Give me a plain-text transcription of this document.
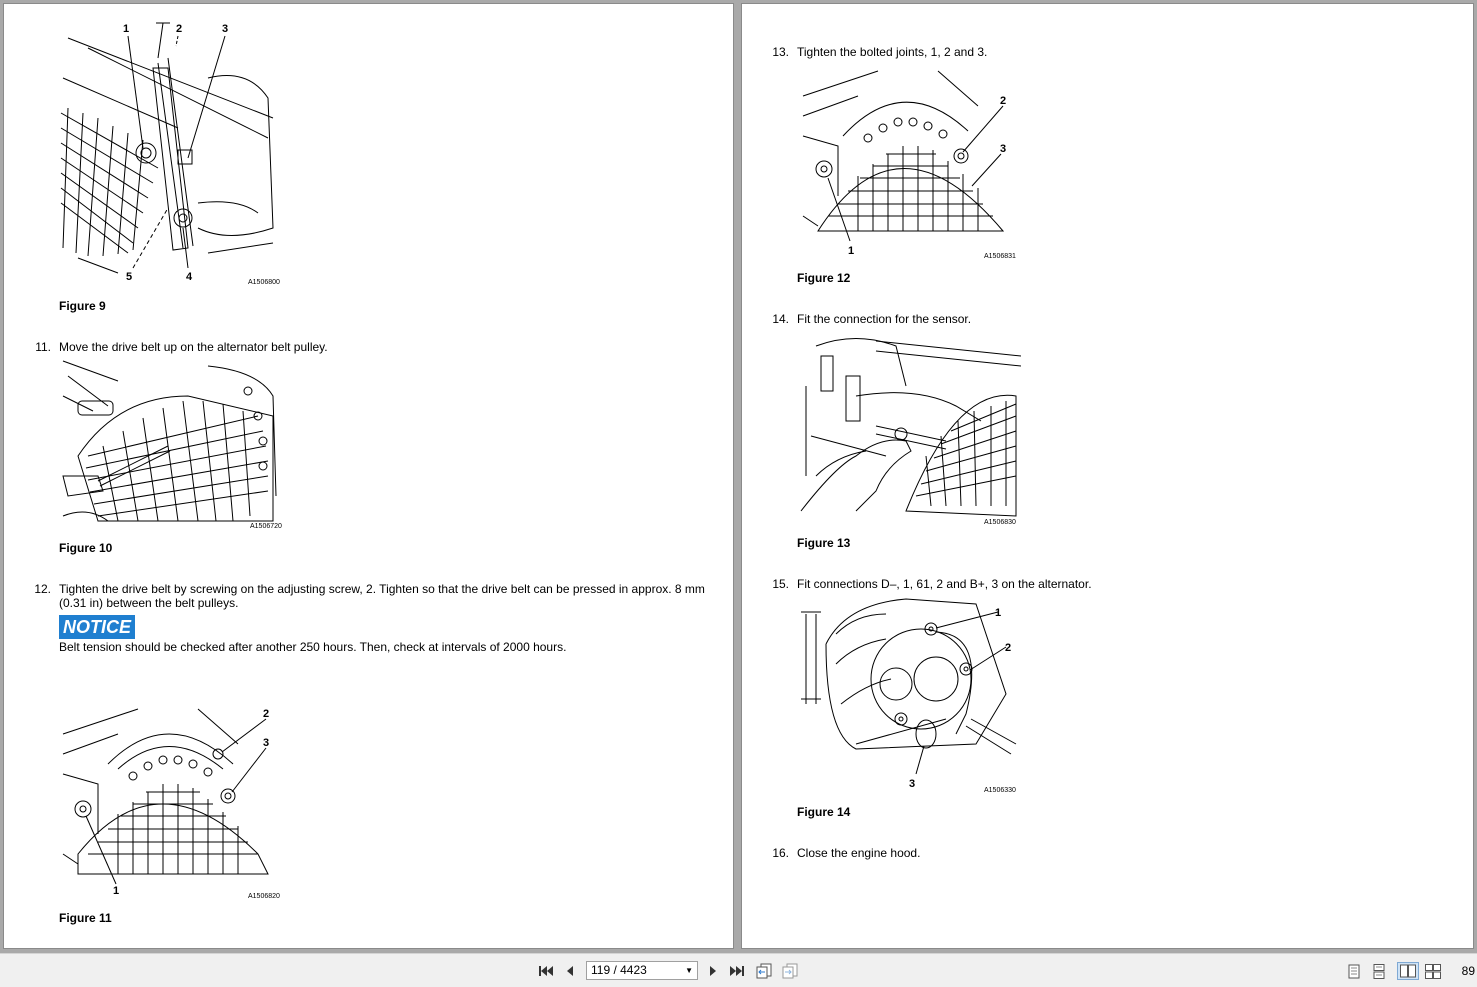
1	2	3
4
5	A1506800
Figure 9
11. Move the drive belt up on the alternator belt pulley.
A1506720
Figure 10
12. Tighten the drive belt by screwing on the adjusting screw, 2. Tighten so that the drive belt can be pressed in approx. 8 mm
(0.31 in) between the belt pulleys.
NOTICE
Belt tension should be checked after another 250 hours. Then, check at intervals of 2000 hours.
2
3
1	A1506820
Figure 11
13. Tighten the bolted joints, 1, 2 and 3.
2
3
1	A1506831
Figure 12
14. Fit the connection for the sensor.
A1506830
Figure 13
15. Fit connections D–, 1, 61, 2 and B+, 3 on the alternator.
1
2
3
A1506330
Figure 14
16. Close the engine hood.
119 / 4423	▼	89
